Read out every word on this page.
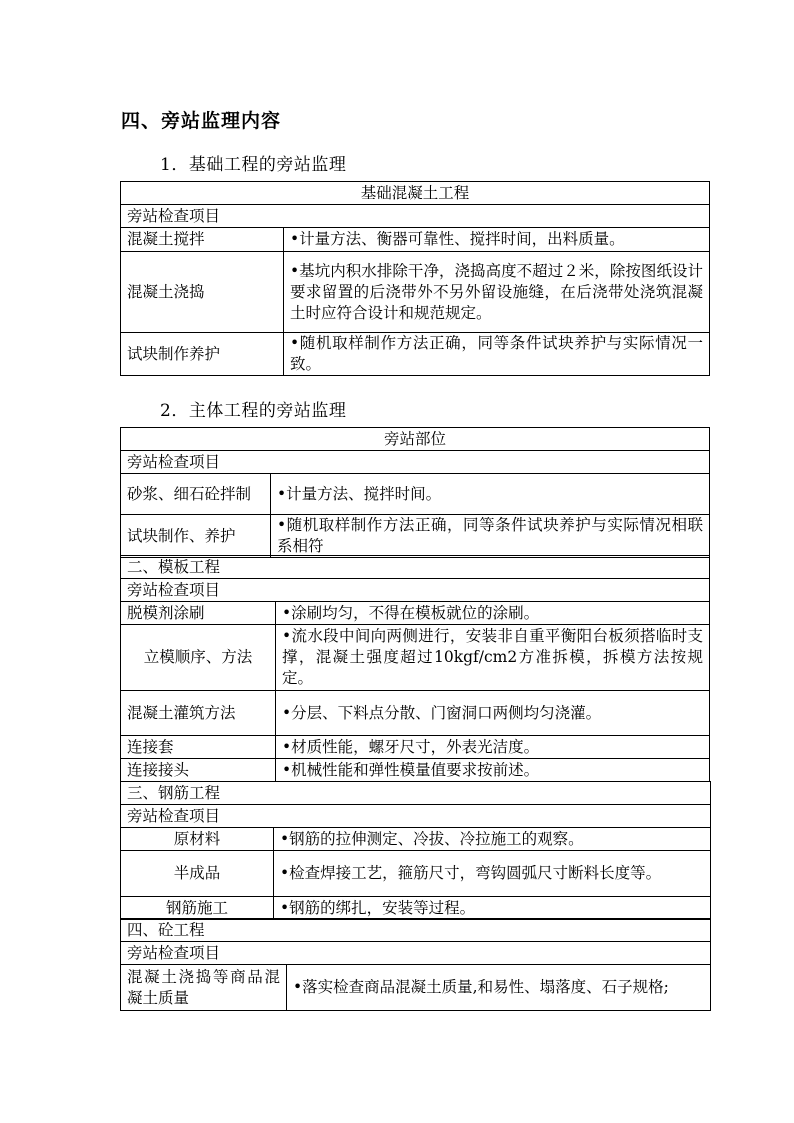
四、旁站监理内容
1．基础工程的旁站监理
基础混凝土工程	
旁站检查项目	
混凝土搅拌	•计量方法、衡器可靠性、搅拌时间，出料质量。
混凝土浇捣	•基坑内积水排除干净，浇捣高度不超过２米，除按图纸设计要求留置的后浇带外不另外留设施缝，在后浇带处浇筑混凝土时应符合设计和规范规定。
试块制作养护	•随机取样制作方法正确，同等条件试块养护与实际情况一致。
2．主体工程的旁站监理
旁站部位	
旁站检查项目	
砂浆、细石砼拌制	•计量方法、搅拌时间。
试块制作、养护	•随机取样制作方法正确，同等条件试块养护与实际情况相联系相符
二、模板工程	
旁站检查项目	
脱模剂涂刷	•涂刷均匀，不得在模板就位的涂刷。
立模顺序、方法	•流水段中间向两侧进行，安装非自重平衡阳台板须搭临时支撑，混凝土强度超过10kgf/cm2方准拆模，拆模方法按规定。
混凝土灌筑方法	•分层、下料点分散、门窗洞口两侧均匀浇灌。
连接套	•材质性能，螺牙尺寸，外表光洁度。
连接接头	•机械性能和弹性模量值要求按前述。
三、钢筋工程	
旁站检查项目	
原材料	•钢筋的拉伸测定、冷拔、冷拉施工的观察。
半成品	•检查焊接工艺，箍筋尺寸，弯钩圆弧尺寸断料长度等。
钢筋施工	•钢筋的绑扎，安装等过程。
四、砼工程
旁站检查项目
混凝土浇捣等商品混凝土质量	•落实检查商品混凝土质量,和易性、塌落度、石子规格;
